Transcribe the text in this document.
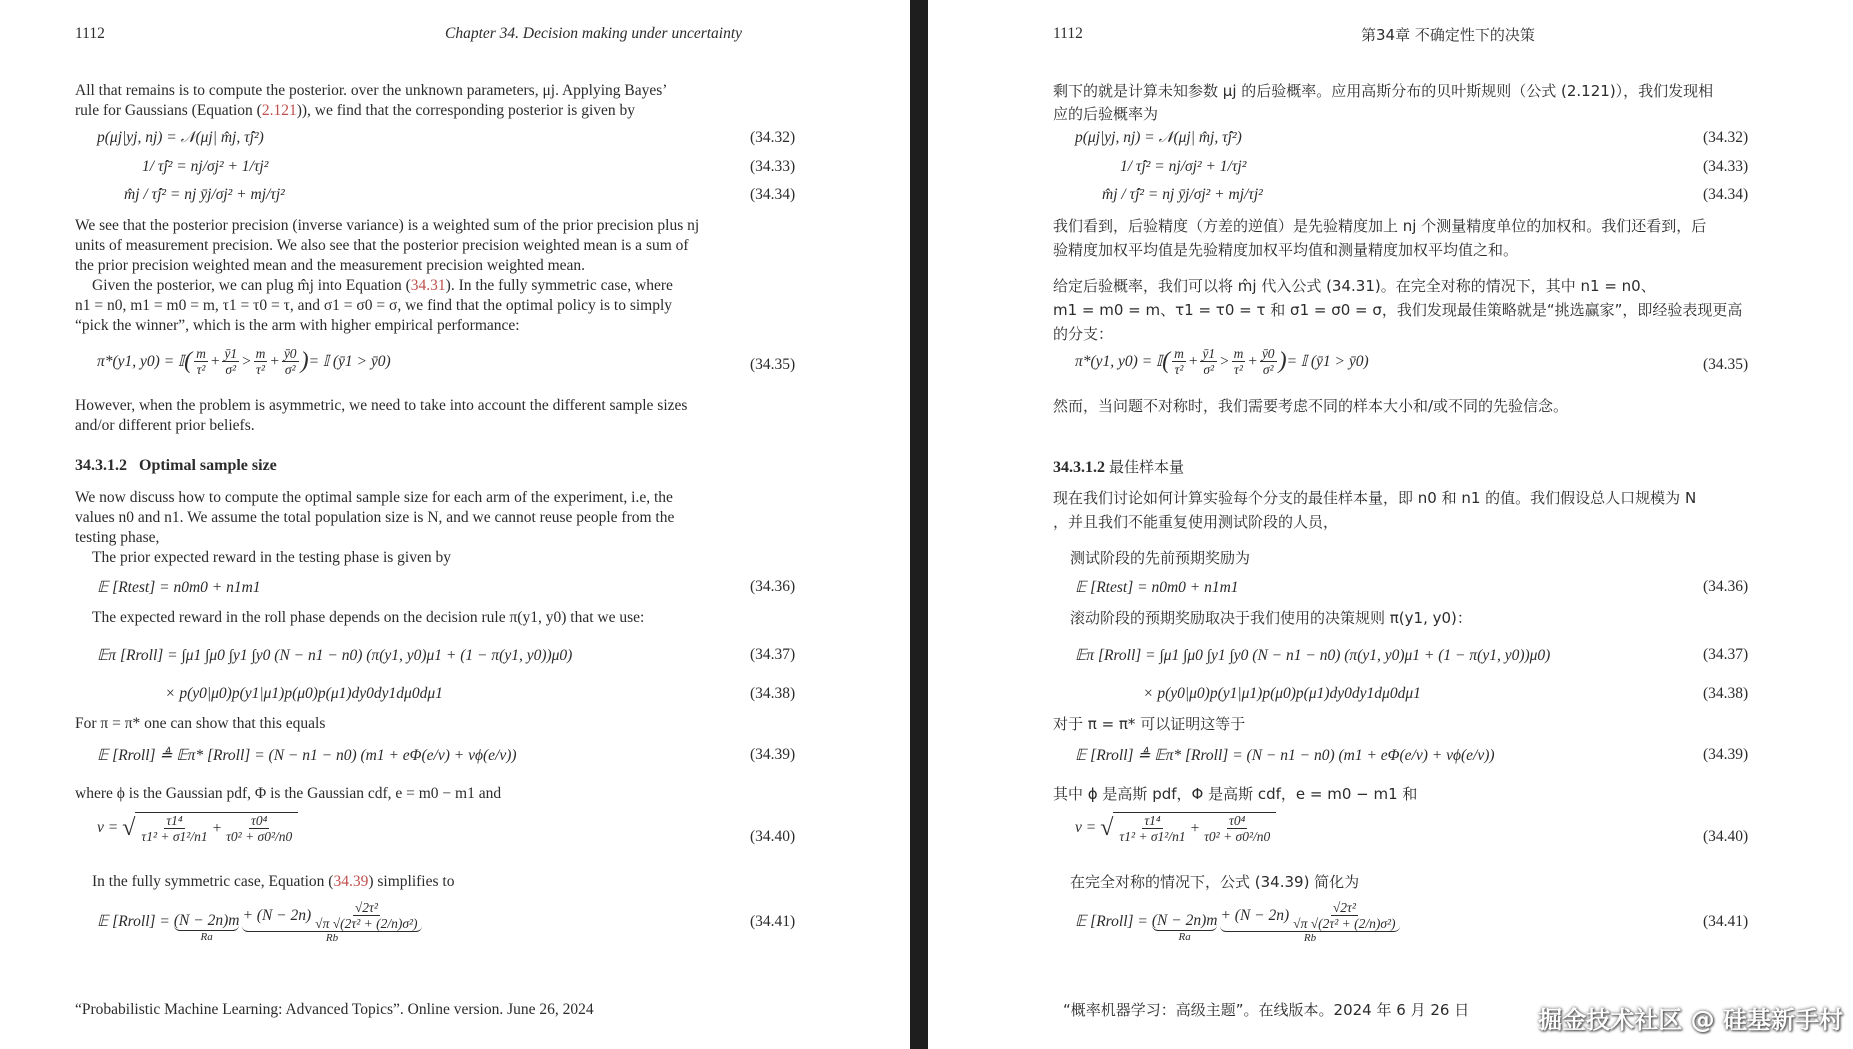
1112	Chapter 34. Decision making under uncertainty
All that remains is to compute the posterior. over the unknown parameters, μj. Applying Bayes’
rule for Gaussians (Equation (2.121)), we find that the corresponding posterior is given by
p(μj|yj, nj) = 𝒩(μj| m̂j, τ̂j²)	(34.32)
1/ τ̂j² = nj/σj² + 1/τj²	(34.33)
m̂j / τ̂j² = nj ȳj/σj² + mj/τj²	(34.34)
We see that the posterior precision (inverse variance) is a weighted sum of the prior precision plus nj
units of measurement precision. We also see that the posterior precision weighted mean is a sum of
the prior precision weighted mean and the measurement precision weighted mean.
Given the posterior, we can plug m̂j into Equation (34.31). In the fully symmetric case, where
n1 = n0, m1 = m0 = m, τ1 = τ0 = τ, and σ1 = σ0 = σ, we find that the optimal policy is to simply
“pick the winner”, which is the arm with higher empirical performance:
π*(y1, y0) = 𝕀 ( $\frac{m}{\text{τ²}} + \frac{ȳ1}{\text{σ²}} > \frac{m}{\text{τ²}} + \frac{ȳ0}{\text{σ²}}$ ) = 𝕀 (ȳ1 > ȳ0)	(34.35)
However, when the problem is asymmetric, we need to take into account the different sample sizes
and/or different prior beliefs.
34.3.1.2 Optimal sample size
We now discuss how to compute the optimal sample size for each arm of the experiment, i.e, the
values n0 and n1. We assume the total population size is N, and we cannot reuse people from the
testing phase,
The prior expected reward in the testing phase is given by
𝔼 [Rtest] = n0m0 + n1m1	(34.36)
The expected reward in the roll phase depends on the decision rule π(y1, y0) that we use:
𝔼π [Rroll] = ∫μ1 ∫μ0 ∫y1 ∫y0 (N − n1 − n0) (π(y1, y0)μ1 + (1 − π(y1, y0))μ0)	(34.37)
× p(y0|μ0)p(y1|μ1)p(μ0)p(μ1)dy0dy1dμ0dμ1	(34.38)
For π = π* one can show that this equals
𝔼 [Rroll] ≜ 𝔼π* [Rroll] = (N − n1 − n0) (m1 + eΦ(e/v) + vϕ(e/v))	(34.39)
where ϕ is the Gaussian pdf, Φ is the Gaussian cdf, e = m0 − m1 and
v = √ $\frac{\text{τ1⁴}}{\text{τ1² + σ1²/n1}} + \frac{\text{τ0⁴}}{\text{τ0² + σ0²/n0}}$	(34.40)
In the fully symmetric case, Equation (34.39) simplifies to
𝔼 [Rroll] = (N − 2n)m
Ra
+ $(N - 2n) \frac{\text{√2τ²}}{\text{√π √(2τ² + (2/n)σ²)}}$
Rb
(34.41)
“Probabilistic Machine Learning: Advanced Topics”. Online version. June 26, 2024
1112	第34章 不确定性下的决策
剩下的就是计算未知参数 μj 的后验概率。应用高斯分布的贝叶斯规则（公式 (2.121)），我们发现相
应的后验概率为
p(μj|yj, nj) = 𝒩(μj| m̂j, τ̂j²)	(34.32)
1/ τ̂j² = nj/σj² + 1/τj²	(34.33)
m̂j / τ̂j² = nj ȳj/σj² + mj/τj²	(34.34)
我们看到，后验精度（方差的逆值）是先验精度加上 nj 个测量精度单位的加权和。我们还看到，后
验精度加权平均值是先验精度加权平均值和测量精度加权平均值之和。
给定后验概率，我们可以将 m̂j 代入公式 (34.31)。在完全对称的情况下，其中 n1 = n0、
m1 = m0 = m、τ1 = τ0 = τ 和 σ1 = σ0 = σ，我们发现最佳策略就是“挑选赢家”，即经验表现更高
的分支：
π*(y1, y0) = 𝕀 ( $\frac{m}{\text{τ²}} + \frac{ȳ1}{\text{σ²}} > \frac{m}{\text{τ²}} + \frac{ȳ0}{\text{σ²}}$ ) = 𝕀 (ȳ1 > ȳ0)	(34.35)
然而，当问题不对称时，我们需要考虑不同的样本大小和/或不同的先验信念。
34.3.1.2 最佳样本量
现在我们讨论如何计算实验每个分支的最佳样本量，即 n0 和 n1 的值。我们假设总人口规模为 N
，并且我们不能重复使用测试阶段的人员，
测试阶段的先前预期奖励为
𝔼 [Rtest] = n0m0 + n1m1	(34.36)
滚动阶段的预期奖励取决于我们使用的决策规则 π(y1, y0)：
𝔼π [Rroll] = ∫μ1 ∫μ0 ∫y1 ∫y0 (N − n1 − n0) (π(y1, y0)μ1 + (1 − π(y1, y0))μ0)	(34.37)
× p(y0|μ0)p(y1|μ1)p(μ0)p(μ1)dy0dy1dμ0dμ1	(34.38)
对于 π = π* 可以证明这等于
𝔼 [Rroll] ≜ 𝔼π* [Rroll] = (N − n1 − n0) (m1 + eΦ(e/v) + vϕ(e/v))	(34.39)
其中 ϕ 是高斯 pdf，Φ 是高斯 cdf，e = m0 − m1 和
v = √ $\frac{\text{τ1⁴}}{\text{τ1² + σ1²/n1}} + \frac{\text{τ0⁴}}{\text{τ0² + σ0²/n0}}$	(34.40)
在完全对称的情况下，公式 (34.39) 简化为
𝔼 [Rroll] = (N − 2n)m
Ra
+ $(N - 2n) \frac{\text{√2τ²}}{\text{√π √(2τ² + (2/n)σ²)}}$
Rb
(34.41)
“概率机器学习：高级主题”。在线版本。2024 年 6 月 26 日	掘金技术社区 @ 硅基新手村
